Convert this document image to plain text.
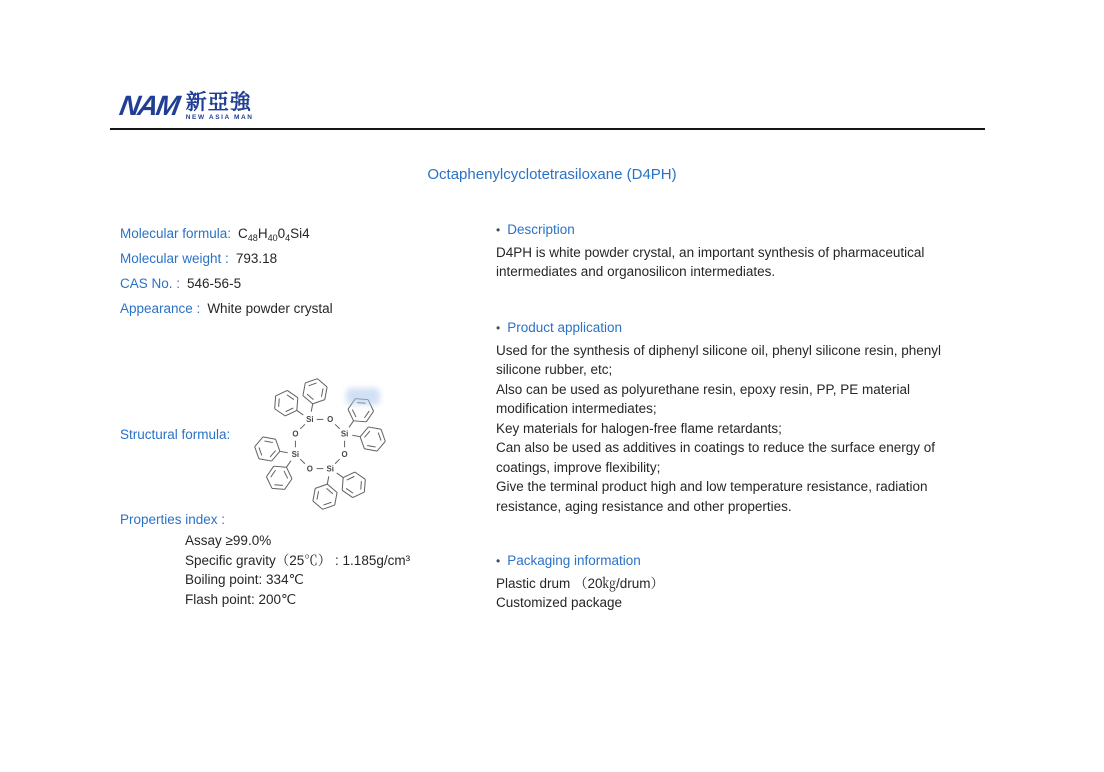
NAM 新亞強
NEW ASIA MAN
Octaphenylcyclotetrasiloxane (D4PH)
Molecular formula: $C_{48}H_{40}0_4Si4$
Molecular weight : 793.18
CAS No. : 546-56-5
Appearance : White powder crystal
Structural formula:
Si O
Si
O
Si
O
Si
O
Properties index :
Assay ≥99.0%
Specific gravity（25℃） : 1.185g/cm³
Boiling point: 334℃
Flash point: 200℃
• Description
D4PH is white powder crystal, an important synthesis of pharmaceutical intermediates and organosilicon intermediates.
• Product application
Used for the synthesis of diphenyl silicone oil, phenyl silicone resin, phenyl silicone rubber, etc;
Also can be used as polyurethane resin, epoxy resin, PP, PE material modification intermediates;
Key materials for halogen-free flame retardants;
Can also be used as additives in coatings to reduce the surface energy of coatings, improve flexibility;
Give the terminal product high and low temperature resistance, radiation resistance, aging resistance and other properties.
• Packaging information
Plastic drum （20㎏/drum）
Customized package
